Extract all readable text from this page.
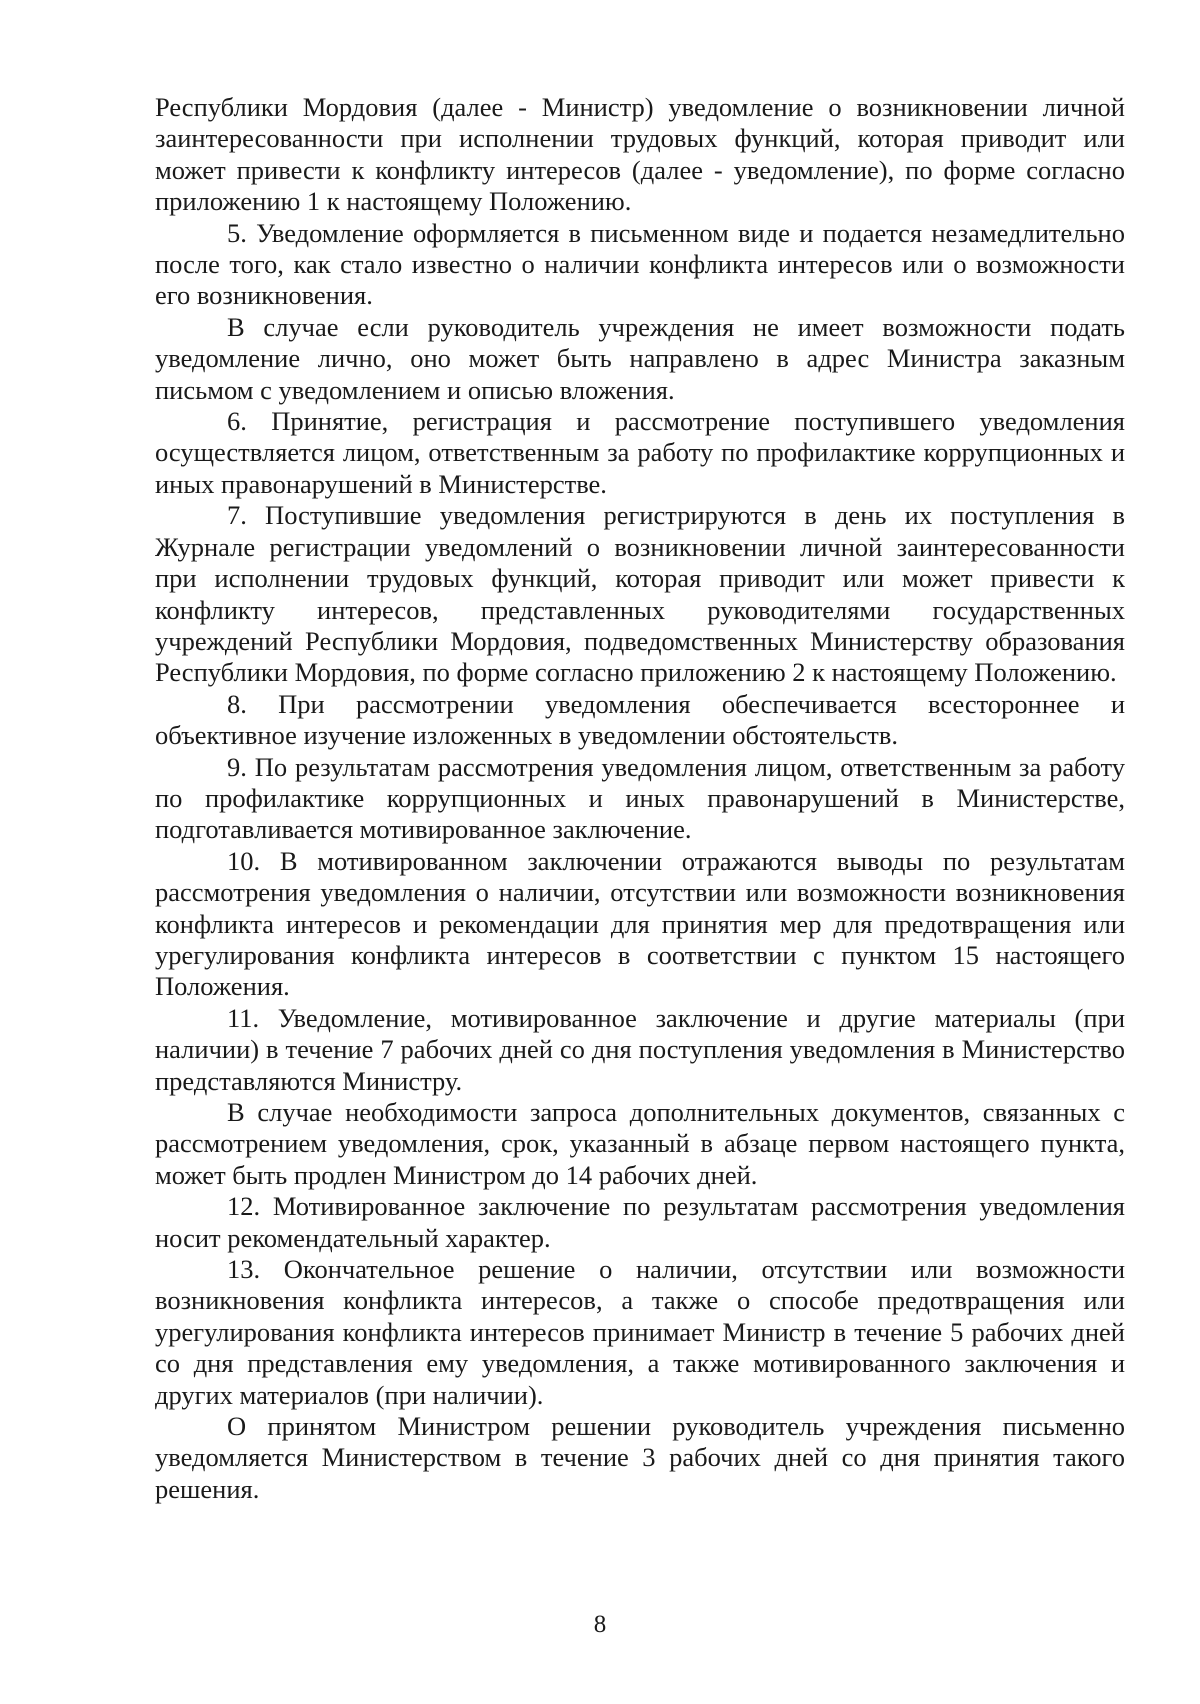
Республики Мордовия (далее - Министр) уведомление о возникновении личной заинтересованности при исполнении трудовых функций, которая приводит или может привести к конфликту интересов (далее - уведомление), по форме согласно приложению 1 к настоящему Положению.

5. Уведомление оформляется в письменном виде и подается незамедлительно после того, как стало известно о наличии конфликта интересов или о возможности его возникновения.

В случае если руководитель учреждения не имеет возможности подать уведомление лично, оно может быть направлено в адрес Министра заказным письмом с уведомлением и описью вложения.

6. Принятие, регистрация и рассмотрение поступившего уведомления осуществляется лицом, ответственным за работу по профилактике коррупционных и иных правонарушений в Министерстве.

7. Поступившие уведомления регистрируются в день их поступления в Журнале регистрации уведомлений о возникновении личной заинтересованности при исполнении трудовых функций, которая приводит или может привести к конфликту интересов, представленных руководителями государственных учреждений Республики Мордовия, подведомственных Министерству образования Республики Мордовия, по форме согласно приложению 2 к настоящему Положению.

8. При рассмотрении уведомления обеспечивается всестороннее и объективное изучение изложенных в уведомлении обстоятельств.

9. По результатам рассмотрения уведомления лицом, ответственным за работу по профилактике коррупционных и иных правонарушений в Министерстве, подготавливается мотивированное заключение.

10. В мотивированном заключении отражаются выводы по результатам рассмотрения уведомления о наличии, отсутствии или возможности возникновения конфликта интересов и рекомендации для принятия мер для предотвращения или урегулирования конфликта интересов в соответствии с пунктом 15 настоящего Положения.

11. Уведомление, мотивированное заключение и другие материалы (при наличии) в течение 7 рабочих дней со дня поступления уведомления в Министерство представляются Министру.

В случае необходимости запроса дополнительных документов, связанных с рассмотрением уведомления, срок, указанный в абзаце первом настоящего пункта, может быть продлен Министром до 14 рабочих дней.

12. Мотивированное заключение по результатам рассмотрения уведомления носит рекомендательный характер.

13. Окончательное решение о наличии, отсутствии или возможности возникновения конфликта интересов, а также о способе предотвращения или урегулирования конфликта интересов принимает Министр в течение 5 рабочих дней со дня представления ему уведомления, а также мотивированного заключения и других материалов (при наличии).

О принятом Министром решении руководитель учреждения письменно уведомляется Министерством в течение 3 рабочих дней со дня принятия такого решения.

8
